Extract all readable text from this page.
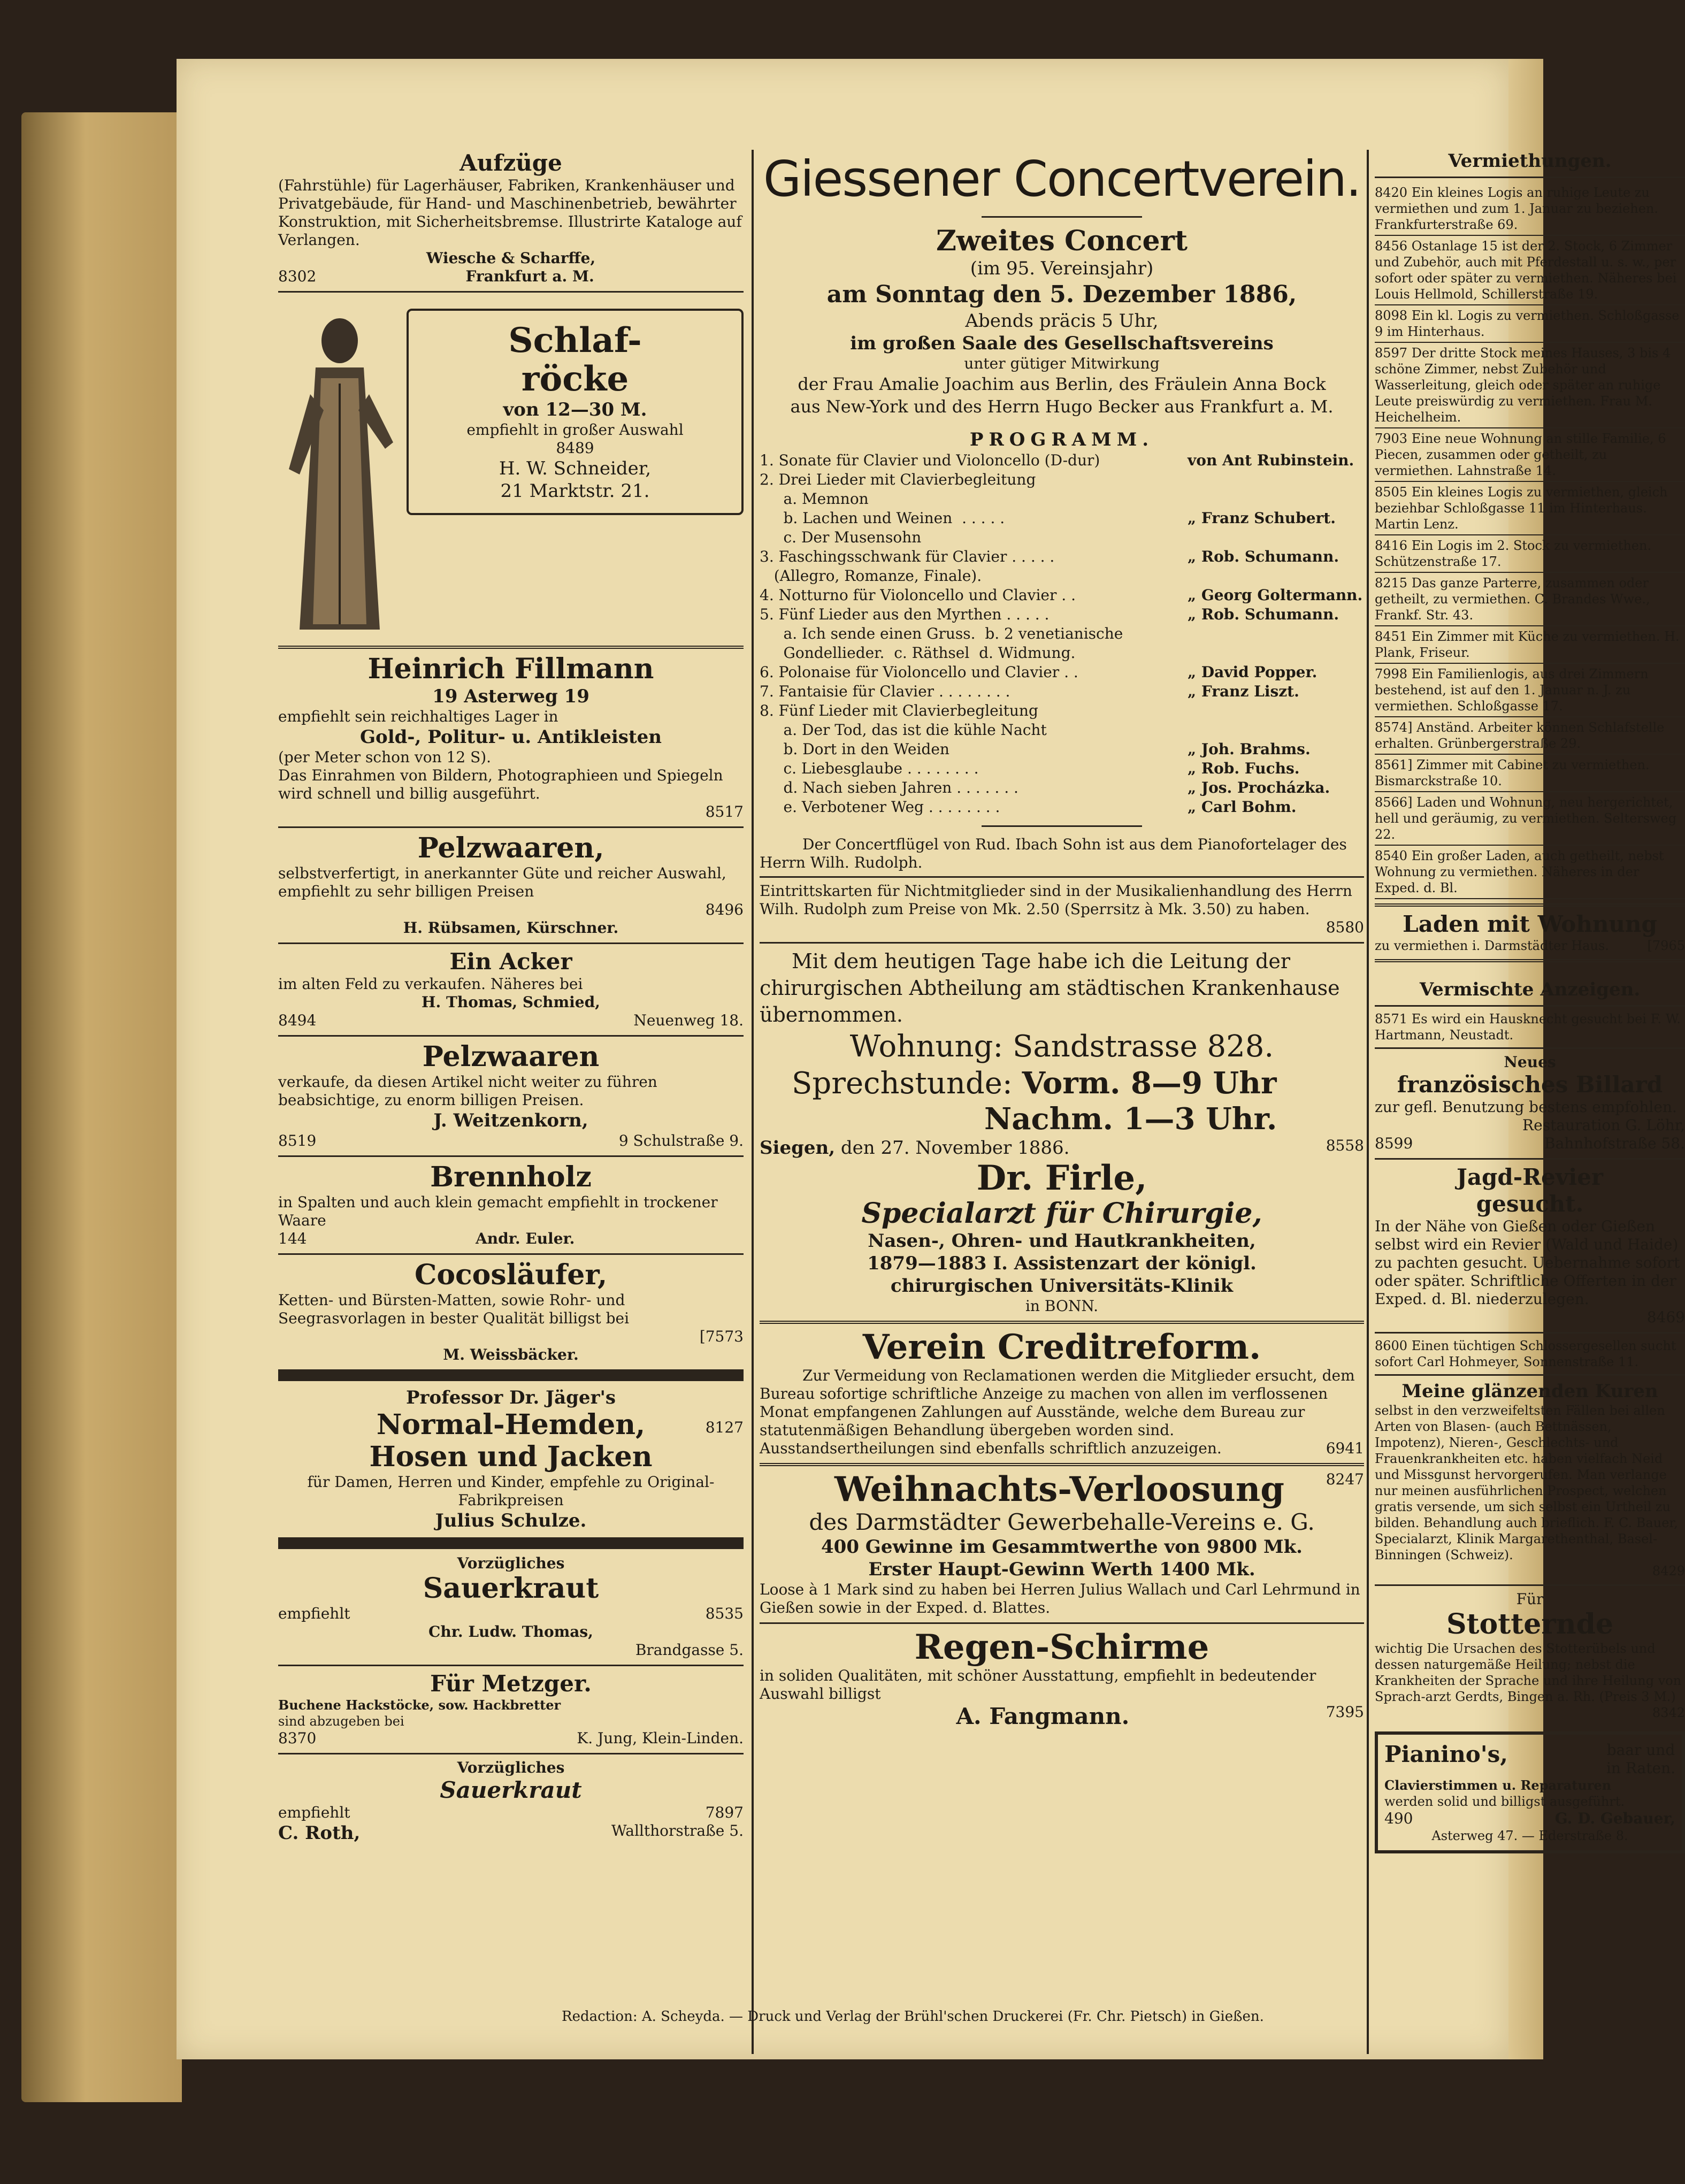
Aufzüge
(Fahrstühle) für Lagerhäuser, Fabriken, Krankenhäuser und Privatgebäude, für Hand- und Maschinenbetrieb, bewährter Konstruktion, mit Sicherheitsbremse. Illustrirte Kataloge auf Verlangen.
Wiesche & Scharffe,
8302	Frankfurt a. M.
Schlaf-
röcke
von 12—30 M.
empfiehlt in großer Auswahl
8489
H. W. Schneider,
21 Marktstr. 21.
Heinrich Fillmann
19 Asterweg 19
empfiehlt sein reichhaltiges Lager in
Gold-, Politur- u. Antikleisten
(per Meter schon von 12 S).
Das Einrahmen von Bildern, Photographieen und Spiegeln wird schnell und billig ausgeführt.
8517
Pelzwaaren,
selbstverfertigt, in anerkannter Güte und reicher Auswahl, empfiehlt zu sehr billigen Preisen
8496
H. Rübsamen, Kürschner.
Ein Acker
im alten Feld zu verkaufen. Näheres bei
H. Thomas, Schmied,
8494	Neuenweg 18.
Pelzwaaren
verkaufe, da diesen Artikel nicht weiter zu führen beabsichtige, zu enorm billigen Preisen.
J. Weitzenkorn,
8519	9 Schulstraße 9.
Brennholz
in Spalten und auch klein gemacht empfiehlt in trockener Waare
144	Andr. Euler.
Cocosläufer,
Ketten- und Bürsten-Matten, sowie Rohr- und Seegrasvorlagen in bester Qualität billigst bei
[7573
M. Weissbäcker.
Professor Dr. Jäger's
Normal-Hemden,
Hosen und Jacken
8127
für Damen, Herren und Kinder, empfehle zu Original-Fabrikpreisen
Julius Schulze.
Vorzügliches
Sauerkraut
empfiehlt	8535
Chr. Ludw. Thomas,
Brandgasse 5.
Für Metzger.
Buchene Hackstöcke, sow. Hackbretter
sind abzugeben bei
8370	K. Jung, Klein-Linden.
Vorzügliches
Sauerkraut
empfiehlt	7897
C. Roth,	Wallthorstraße 5.
Giessener Concertverein.
Zweites Concert
(im 95. Vereinsjahr)
am Sonntag den 5. Dezember 1886,
Abends präcis 5 Uhr,
im großen Saale des Gesellschaftsvereins
unter gütiger Mitwirkung
der Frau Amalie Joachim aus Berlin, des Fräulein Anna Bock
aus New-York und des Herrn Hugo Becker aus Frankfurt a. M.
PROGRAMM.
1. Sonate für Clavier und Violoncello (D-dur)	von Ant Rubinstein.
2. Drei Lieder mit Clavierbegleitung
a. Memnon
b. Lachen und Weinen  . . . . .	„ Franz Schubert.
c. Der Musensohn
3. Faschingsschwank für Clavier . . . . .	„ Rob. Schumann.
(Allegro, Romanze, Finale).
4. Notturno für Violoncello und Clavier . .	„ Georg Goltermann.
5. Fünf Lieder aus den Myrthen . . . . .	„ Rob. Schumann.
a. Ich sende einen Gruss.  b. 2 venetianische
Gondellieder.  c. Räthsel  d. Widmung.
6. Polonaise für Violoncello und Clavier . .	„ David Popper.
7. Fantaisie für Clavier . . . . . . . .	„ Franz Liszt.
8. Fünf Lieder mit Clavierbegleitung
a. Der Tod, das ist die kühle Nacht
b. Dort in den Weiden	„ Joh. Brahms.
c. Liebesglaube . . . . . . . .	„ Rob. Fuchs.
d. Nach sieben Jahren . . . . . . .	„ Jos. Procházka.
e. Verbotener Weg . . . . . . . .	„ Carl Bohm.
Der Concertflügel von Rud. Ibach Sohn ist aus dem Pianofortelager des Herrn Wilh. Rudolph.
Eintrittskarten für Nichtmitglieder sind in der Musikalienhandlung des Herrn Wilh. Rudolph zum Preise von Mk. 2.50 (Sperrsitz à Mk. 3.50) zu haben.
8580
Mit dem heutigen Tage habe ich die Leitung der chirurgischen Abtheilung am städtischen Krankenhause übernommen.
Wohnung: Sandstrasse 828.
Sprechstunde: Vorm. 8—9 Uhr
Nachm. 1—3 Uhr.
Siegen, den 27. November 1886.	8558
Dr. Firle,
Specialarzt für Chirurgie,
Nasen-, Ohren- und Hautkrankheiten,
1879—1883 I. Assistenzart der königl.
chirurgischen Universitäts-Klinik
in BONN.
Verein Creditreform.
Zur Vermeidung von Reclamationen werden die Mitglieder ersucht, dem Bureau sofortige schriftliche Anzeige zu machen von allen im verflossenen Monat empfangenen Zahlungen auf Ausstände, welche dem Bureau zur statutenmäßigen Behandlung übergeben worden sind.
Ausstandsertheilungen sind ebenfalls schriftlich anzuzeigen.	6941
Weihnachts-Verloosung	8247
des Darmstädter Gewerbehalle-Vereins e. G.
400 Gewinne im Gesammtwerthe von 9800 Mk.
Erster Haupt-Gewinn Werth 1400 Mk.
Loose à 1 Mark sind zu haben bei Herren Julius Wallach und Carl Lehrmund in Gießen sowie in der Exped. d. Blattes.
Regen-Schirme
in soliden Qualitäten, mit schöner Ausstattung, empfiehlt in bedeutender Auswahl billigst
A. Fangmann.	7395
Vermiethungen.
8420 Ein kleines Logis an ruhige Leute zu vermiethen und zum 1. Januar zu beziehen. Frankfurterstraße 69.
8456 Ostanlage 15 ist der 2. Stock, 6 Zimmer und Zubehör, auch mit Pferdestall u. s. w., per sofort oder später zu vermiethen. Näheres bei Louis Hellmold, Schillerstraße 19.
8098 Ein kl. Logis zu vermiethen. Schloßgasse 9 im Hinterhaus.
8597 Der dritte Stock meines Hauses, 3 bis 4 schöne Zimmer, nebst Zubehör und Wasserleitung, gleich oder später an ruhige Leute preiswürdig zu vermiethen. Frau M. Heichelheim.
7903 Eine neue Wohnung an stille Familie, 6 Piecen, zusammen oder getheilt, zu vermiethen. Lahnstraße 14.
8505 Ein kleines Logis zu vermiethen, gleich beziehbar Schloßgasse 11 im Hinterhaus. Martin Lenz.
8416 Ein Logis im 2. Stock zu vermiethen. Schützenstraße 17.
8215 Das ganze Parterre, zusammen oder getheilt, zu vermiethen. C. Brandes Wwe., Frankf. Str. 43.
8451 Ein Zimmer mit Küche zu vermiethen. H. Plank, Friseur.
7998 Ein Familienlogis, aus drei Zimmern bestehend, ist auf den 1. Januar n. J. zu vermiethen. Schloßgasse 17.
8574] Anständ. Arbeiter können Schlafstelle erhalten. Grünbergerstraße 29.
8561] Zimmer mit Cabinet zu vermiethen. Bismarckstraße 10.
8566] Laden und Wohnung, neu hergerichtet, hell und geräumig, zu vermiethen. Seltersweg 22.
8540 Ein großer Laden, auch getheilt, nebst Wohnung zu vermiethen. Näheres in der Exped. d. Bl.
Laden mit Wohnung
zu vermiethen i. Darmstädter Haus.	[7965
Vermischte Anzeigen.
8571 Es wird ein Hausknecht gesucht bei F. W. Hartmann, Neustadt.
Neues
französisches Billard
zur gefl. Benutzung bestens empfohlen.
Restauration G. Löhr,
8599	Bahnhofstraße 58.
Jagd-Revier
gesucht.
In der Nähe von Gießen oder Gießen selbst wird ein Revier (Wald und Haide) zu pachten gesucht. Uebernahme sofort oder später. Schriftliche Offerten in der Exped. d. Bl. niederzulegen.
8469
8600 Einen tüchtigen Schlossergesellen sucht sofort Carl Hohmeyer, Sonnenstraße 11.
Meine glänzenden Kuren
selbst in den verzweifeltsten Fällen bei allen Arten von Blasen- (auch Bettnässen, Impotenz), Nieren-, Geschlechts- und Frauenkrankheiten etc. haben vielfach Neid und Missgunst hervorgerufen. Man verlange nur meinen ausführlichen Prospect, welchen gratis versende, um sich selbst ein Urtheil zu bilden. Behandlung auch brieflich. F. C. Bauer, Specialarzt, Klinik Margarethenthal, Basel-Binningen (Schweiz).
8429
Für
Stotternde
wichtig Die Ursachen des Stotterübels und dessen naturgemäße Heilung; nebst die Krankheiten der Sprache und ihre Heilung von Sprach-arzt Gerdts, Bingen a. Rh. (Preis 3 M.)
8342
Pianino's,	baar und
in Raten.
Clavierstimmen u. Reparaturen
werden solid und billigst ausgeführt.
490	G. D. Gebauer,
Asterweg 47. — Ederstraße 8.
Redaction: A. Scheyda. — Druck und Verlag der Brühl'schen Druckerei (Fr. Chr. Pietsch) in Gießen.
